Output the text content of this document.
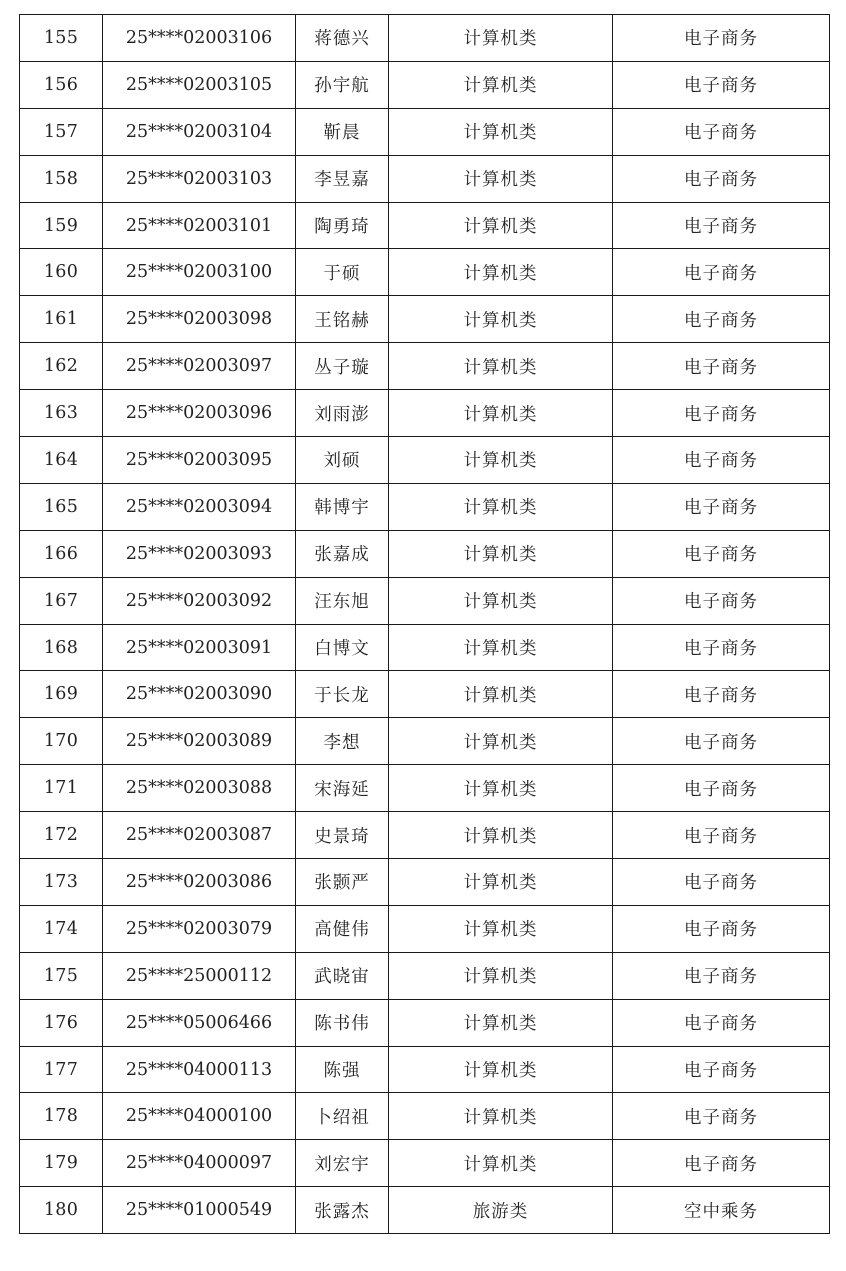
155	25****02003106	蒋德兴	计算机类	电子商务
156	25****02003105	孙宇航	计算机类	电子商务
157	25****02003104	靳晨	计算机类	电子商务
158	25****02003103	李昱嘉	计算机类	电子商务
159	25****02003101	陶勇琦	计算机类	电子商务
160	25****02003100	于硕	计算机类	电子商务
161	25****02003098	王铭赫	计算机类	电子商务
162	25****02003097	丛子璇	计算机类	电子商务
163	25****02003096	刘雨澎	计算机类	电子商务
164	25****02003095	刘硕	计算机类	电子商务
165	25****02003094	韩博宇	计算机类	电子商务
166	25****02003093	张嘉成	计算机类	电子商务
167	25****02003092	汪东旭	计算机类	电子商务
168	25****02003091	白博文	计算机类	电子商务
169	25****02003090	于长龙	计算机类	电子商务
170	25****02003089	李想	计算机类	电子商务
171	25****02003088	宋海延	计算机类	电子商务
172	25****02003087	史景琦	计算机类	电子商务
173	25****02003086	张颢严	计算机类	电子商务
174	25****02003079	高健伟	计算机类	电子商务
175	25****25000112	武晓宙	计算机类	电子商务
176	25****05006466	陈书伟	计算机类	电子商务
177	25****04000113	陈强	计算机类	电子商务
178	25****04000100	卜绍祖	计算机类	电子商务
179	25****04000097	刘宏宇	计算机类	电子商务
180	25****01000549	张露杰	旅游类	空中乘务
